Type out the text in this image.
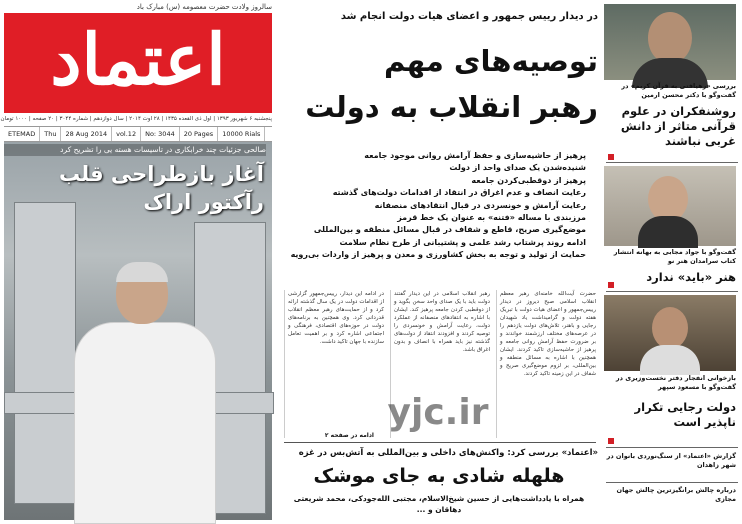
سالروز ولادت حضرت معصومه (س) مبارک باد
اعتماد
پنجشنبه ۶ شهریور ۱۳۹۳ | اول ذی القعده ۱۴۳۵ | ۲۸ اوت ۲۰۱۴ | سال دوازدهم | شماره ۳۰۴۴ | ۲۰ صفحه | ۱۰۰۰ تومان
ETEMAD	Thu	28 Aug 2014	vol.12	No: 3044	20 Pages	10000 Rials
صالحی جزئیات چند خرابکاری در تاسیسات هسته یی را تشریح کرد
آغاز بازطراحی قلب رآکتور اراک
در دیدار رییس جمهور و اعضای هیات دولت انجام شد
توصیه‌های مهم
رهبر انقلاب به دولت
پرهیز از حاشیه‌سازی و حفظ آرامش روانی موجود جامعه
شنیده‌شدن یک صدای واحد از دولت
پرهیز از دوقطبی‌کردن جامعه
رعایت انصاف و عدم اغراق در انتقاد از اقدامات دولت‌های گذشته
رعایت آرامش و خونسردی در قبال انتقادهای منصفانه
مرزبندی با مساله «فتنه» به عنوان یک خط قرمز
موضع‌گیری صریح، قاطع و شفاف در قبال مسائل منطقه و بین‌المللی
ادامه روند پرشتاب رشد علمی و پشتیبانی از طرح نظام سلامت
حمایت از تولید و توجه به بخش کشاورزی و معدن و پرهیز از واردات بی‌رویه
حضرت آیت‌الله خامنه‌ای رهبر معظم انقلاب اسلامی صبح دیروز در دیدار رییس‌جمهور و اعضای هیات دولت با تبریک هفته دولت و گرامیداشت یاد شهیدان رجایی و باهنر، تلاش‌های دولت یازدهم را در عرصه‌های مختلف ارزشمند خواندند و بر ضرورت حفظ آرامش روانی جامعه و پرهیز از حاشیه‌سازی تاکید کردند. ایشان همچنین با اشاره به مسائل منطقه و بین‌المللی، بر لزوم موضع‌گیری صریح و شفاف در این زمینه تاکید کردند.
رهبر انقلاب اسلامی در این دیدار گفتند دولت باید با یک صدای واحد سخن بگوید و از دوقطبی کردن جامعه پرهیز کند. ایشان با اشاره به انتقادهای منصفانه از عملکرد دولت، رعایت آرامش و خونسردی را توصیه کردند و افزودند انتقاد از دولت‌های گذشته نیز باید همراه با انصاف و بدون اغراق باشد.
در ادامه این دیدار، رییس‌جمهور گزارشی از اقدامات دولت در یک سال گذشته ارائه کرد و از حمایت‌های رهبر معظم انقلاب قدردانی کرد. وی همچنین به برنامه‌های دولت در حوزه‌های اقتصادی، فرهنگی و اجتماعی اشاره کرد و بر اهمیت تعامل سازنده با جهان تاکید داشت.
yjc.ir
ادامه در صفحه ۲
«اعتماد» بررسی کرد: واکنش‌های داخلی و بین‌المللی به آتش‌بس در غزه
هلهله شادی به جای موشک
همراه با یادداشت‌هایی از حسین شیخ‌الاسلام، مجتبی الله‌جودکی، محمد شریعتی دهاقان و ...
بررسی «رهیافتی به قرآن کریم» در گفت‌وگو با دکتر محسن ارمین
روشنفکران در علوم قرآنی متاثر از دانش غربی نباشند
گفت‌وگو با جواد مجابی به بهانه انتشار کتاب سرامدان هنر نو
هنر «باید» ندارد
بازخوانی انفجار دفتر نخست‌وزیری در گفت‌وگو با مسعود سپهر
دولت رجایی تکرار ناپذیر است
گزارش «اعتماد» از سنگ‌نوردی بانوان در شهر زاهدان
درباره چالش برانگیزترین چالش جهان مجازی
